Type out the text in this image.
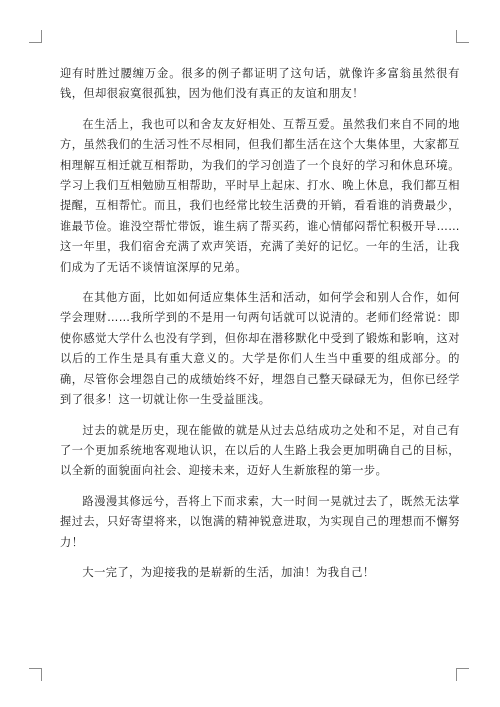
迎有时胜过腰缠万金。很多的例子都证明了这句话，就像许多富翁虽然很有钱，但却很寂寞很孤独，因为他们没有真正的友谊和朋友！

在生活上，我也可以和舍友友好相处、互帮互爱。虽然我们来自不同的地方，虽然我们的生活习性不尽相同，但我们都生活在这个大集体里，大家都互相理解互相迁就互相帮助，为我们的学习创造了一个良好的学习和休息环境。学习上我们互相勉励互相帮助，平时早上起床、打水、晚上休息，我们都互相提醒，互相帮忙。而且，我们也经常比较生活费的开销，看看谁的消费最少，谁最节俭。谁没空帮忙带饭，谁生病了帮买药，谁心情郁闷帮忙积极开导……这一年里，我们宿舍充满了欢声笑语，充满了美好的记忆。一年的生活，让我们成为了无话不谈情谊深厚的兄弟。

在其他方面，比如如何适应集体生活和活动，如何学会和别人合作，如何学会理财……我所学到的不是用一句两句话就可以说清的。老师们经常说：即使你感觉大学什么也没有学到，但你却在潜移默化中受到了锻炼和影响，这对以后的工作生是具有重大意义的。大学是你们人生当中重要的组成部分。的确，尽管你会埋怨自己的成绩始终不好，埋怨自己整天碌碌无为，但你已经学到了很多！这一切就让你一生受益匪浅。

过去的就是历史，现在能做的就是从过去总结成功之处和不足，对自己有了一个更加系统地客观地认识，在以后的人生路上我会更加明确自己的目标，以全新的面貌面向社会、迎接未来，迈好人生新旅程的第一步。

路漫漫其修远兮，吾将上下而求索，大一时间一晃就过去了，既然无法掌握过去，只好寄望将来，以饱满的精神锐意进取，为实现自己的理想而不懈努力！

大一完了，为迎接我的是崭新的生活，加油！为我自己！
